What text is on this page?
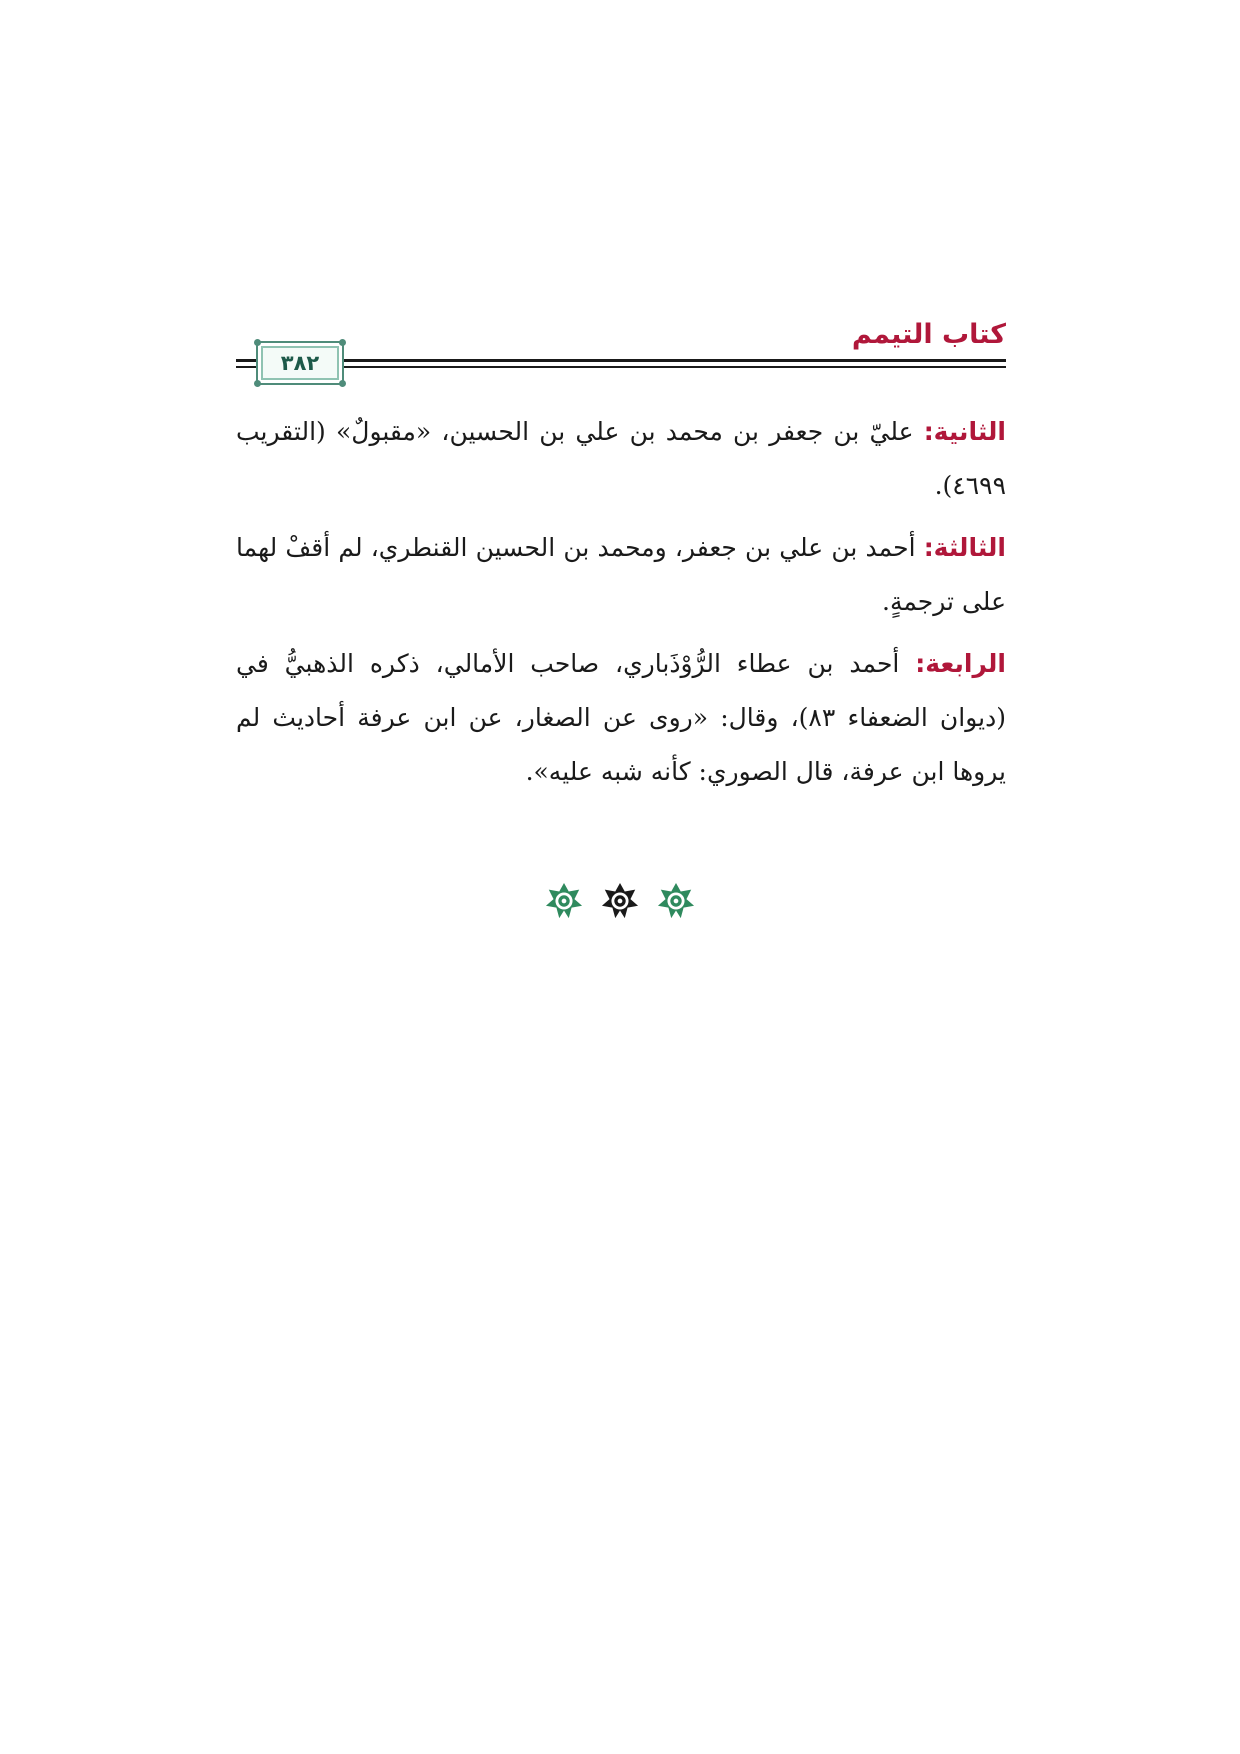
كتاب التيمم
٣٨٢

الثانية: عليّ بن جعفر بن محمد بن علي بن الحسين، «مقبولٌ» (التقريب ٤٦٩٩).

الثالثة: أحمد بن علي بن جعفر، ومحمد بن الحسين القنطري، لم أقفْ لهما على ترجمةٍ.

الرابعة: أحمد بن عطاء الرُّوْذَباري، صاحب الأمالي، ذكره الذهبيُّ في (ديوان الضعفاء ٨٣)، وقال: «روى عن الصغار، عن ابن عرفة أحاديث لم يروها ابن عرفة، قال الصوري: كأنه شبه عليه».
